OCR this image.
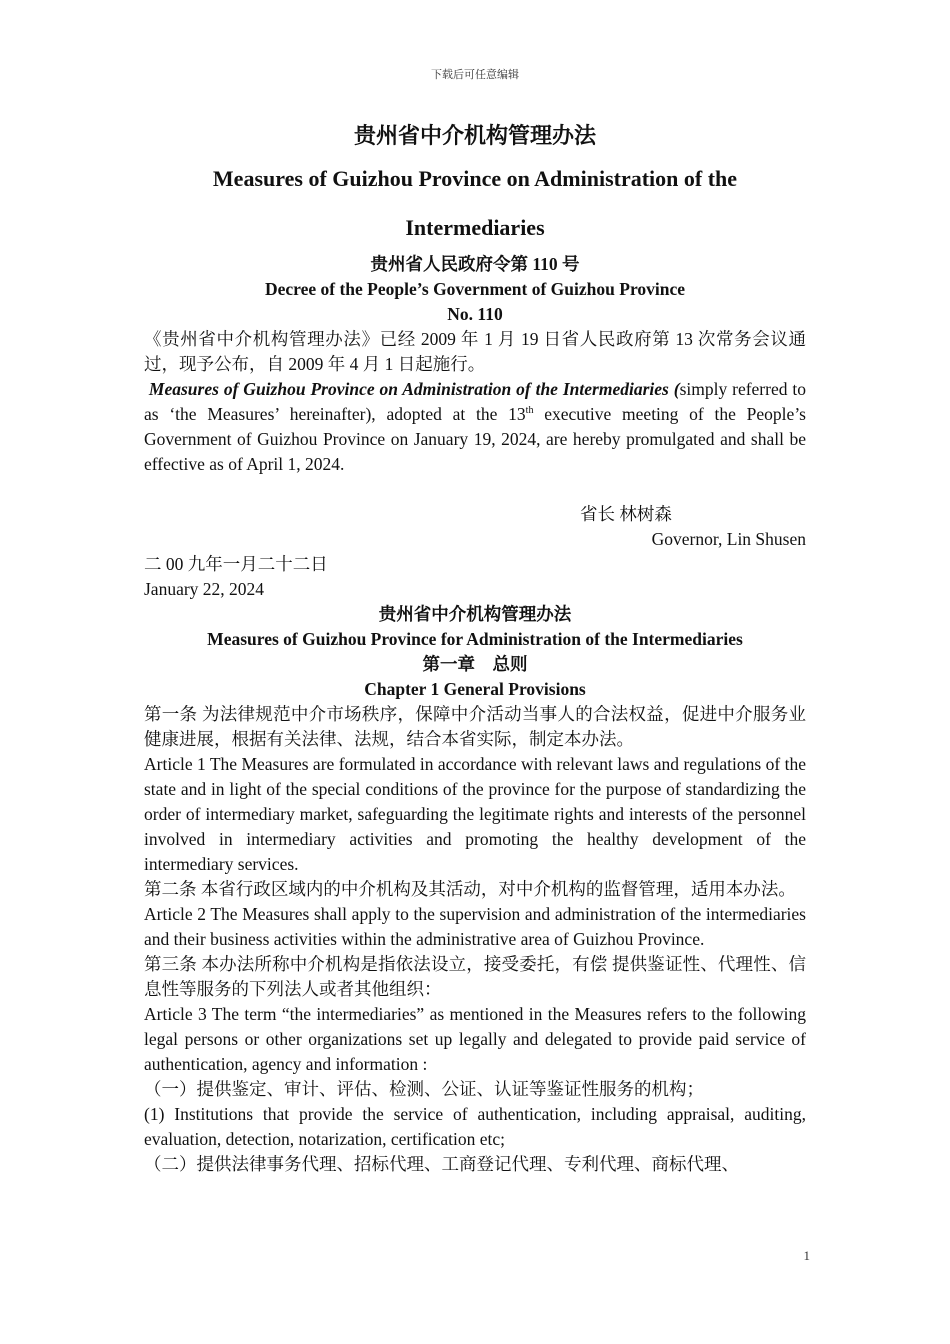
下载后可任意编辑
贵州省中介机构管理办法
Measures of Guizhou Province on Administration of the
Intermediaries

贵州省人民政府令第 110 号

Decree of the People’s Government of Guizhou Province

No. 110

《贵州省中介机构管理办法》已经 2009 年 1 月 19 日省人民政府第 13 次常务会议通过，现予公布，自 2009 年 4 月 1 日起施行。

Measures of Guizhou Province on Administration of the Intermediaries (simply referred to as ‘the Measures’ hereinafter), adopted at the 13th executive meeting of the People’s Government of Guizhou Province on January 19, 2024, are hereby promulgated and shall be effective as of April 1, 2024.

省长 林树森

Governor, Lin Shusen

二 00 九年一月二十二日

January 22, 2024

贵州省中介机构管理办法

Measures of Guizhou Province for Administration of the Intermediaries

第一章　总则

Chapter 1 General Provisions

第一条 为法律规范中介市场秩序，保障中介活动当事人的合法权益，促进中介服务业健康进展，根据有关法律、法规，结合本省实际，制定本办法。

Article 1 The Measures are formulated in accordance with relevant laws and regulations of the state and in light of the special conditions of the province for the purpose of standardizing the order of intermediary market, safeguarding the legitimate rights and interests of the personnel involved in intermediary activities and promoting the healthy development of the intermediary services.

第二条 本省行政区域内的中介机构及其活动，对中介机构的监督管理，适用本办法。

Article 2 The Measures shall apply to the supervision and administration of the intermediaries and their business activities within the administrative area of Guizhou Province.

第三条 本办法所称中介机构是指依法设立，接受委托，有偿 提供鉴证性、代理性、信息性等服务的下列法人或者其他组织：

Article 3 The term “the intermediaries” as mentioned in the Measures refers to the following legal persons or other organizations set up legally and delegated to provide paid service of authentication, agency and information :

（一）提供鉴定、审计、评估、检测、公证、认证等鉴证性服务的机构；

(1) Institutions that provide the service of authentication, including appraisal, auditing, evaluation, detection, notarization, certification etc;

（二）提供法律事务代理、招标代理、工商登记代理、专利代理、商标代理、

1
